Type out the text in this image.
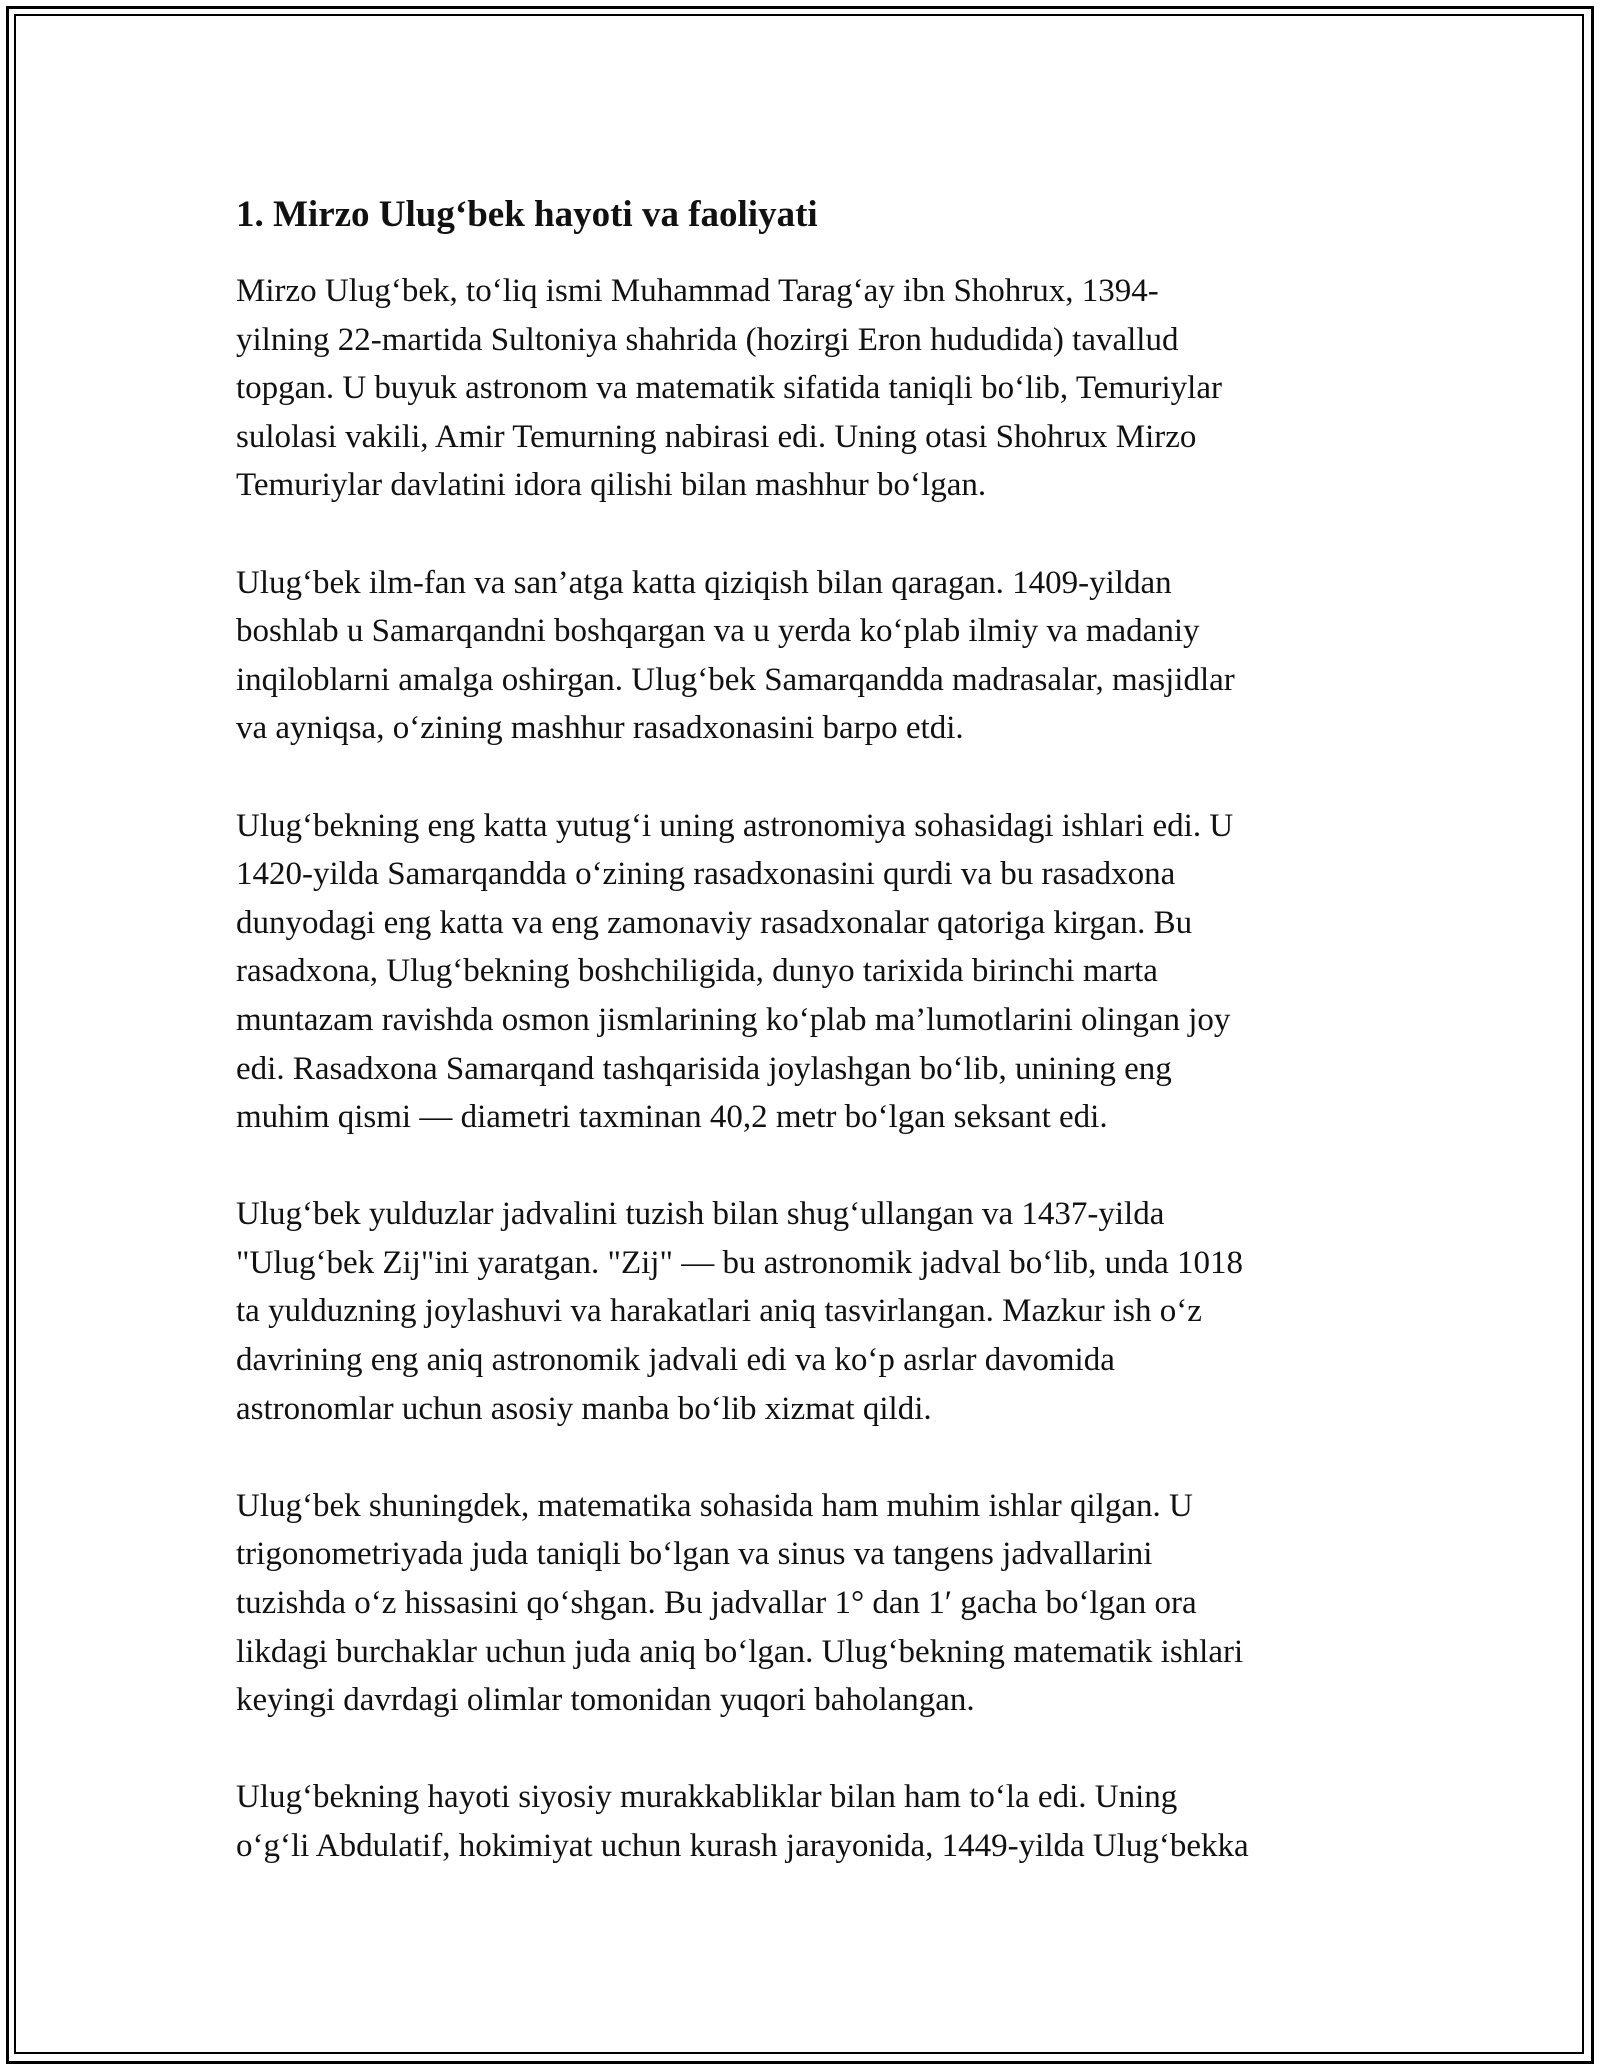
1. Mirzo Ulug‘bek hayoti va faoliyati

Mirzo Ulug‘bek, to‘liq ismi Muhammad Tarag‘ay ibn Shohrux, 1394-
yilning 22-martida Sultoniya shahrida (hozirgi Eron hududida) tavallud
topgan. U buyuk astronom va matematik sifatida taniqli bo‘lib, Temuriylar
sulolasi vakili, Amir Temurning nabirasi edi. Uning otasi Shohrux Mirzo
Temuriylar davlatini idora qilishi bilan mashhur bo‘lgan.

Ulug‘bek ilm-fan va san’atga katta qiziqish bilan qaragan. 1409-yildan
boshlab u Samarqandni boshqargan va u yerda ko‘plab ilmiy va madaniy
inqiloblarni amalga oshirgan. Ulug‘bek Samarqandda madrasalar, masjidlar
va ayniqsa, o‘zining mashhur rasadxonasini barpo etdi.

Ulug‘bekning eng katta yutug‘i uning astronomiya sohasidagi ishlari edi. U
1420-yilda Samarqandda o‘zining rasadxonasini qurdi va bu rasadxona
dunyodagi eng katta va eng zamonaviy rasadxonalar qatoriga kirgan. Bu
rasadxona, Ulug‘bekning boshchiligida, dunyo tarixida birinchi marta
muntazam ravishda osmon jismlarining ko‘plab ma’lumotlarini olingan joy
edi. Rasadxona Samarqand tashqarisida joylashgan bo‘lib, unining eng
muhim qismi — diametri taxminan 40,2 metr bo‘lgan seksant edi.

Ulug‘bek yulduzlar jadvalini tuzish bilan shug‘ullangan va 1437-yilda
"Ulug‘bek Zij"ini yaratgan. "Zij" — bu astronomik jadval bo‘lib, unda 1018
ta yulduzning joylashuvi va harakatlari aniq tasvirlangan. Mazkur ish o‘z
davrining eng aniq astronomik jadvali edi va ko‘p asrlar davomida
astronomlar uchun asosiy manba bo‘lib xizmat qildi.

Ulug‘bek shuningdek, matematika sohasida ham muhim ishlar qilgan. U
trigonometriyada juda taniqli bo‘lgan va sinus va tangens jadvallarini
tuzishda o‘z hissasini qo‘shgan. Bu jadvallar 1° dan 1′ gacha bo‘lgan ora
likdagi burchaklar uchun juda aniq bo‘lgan. Ulug‘bekning matematik ishlari
keyingi davrdagi olimlar tomonidan yuqori baholangan.

Ulug‘bekning hayoti siyosiy murakkabliklar bilan ham to‘la edi. Uning
o‘g‘li Abdulatif, hokimiyat uchun kurash jarayonida, 1449-yilda Ulug‘bekka
